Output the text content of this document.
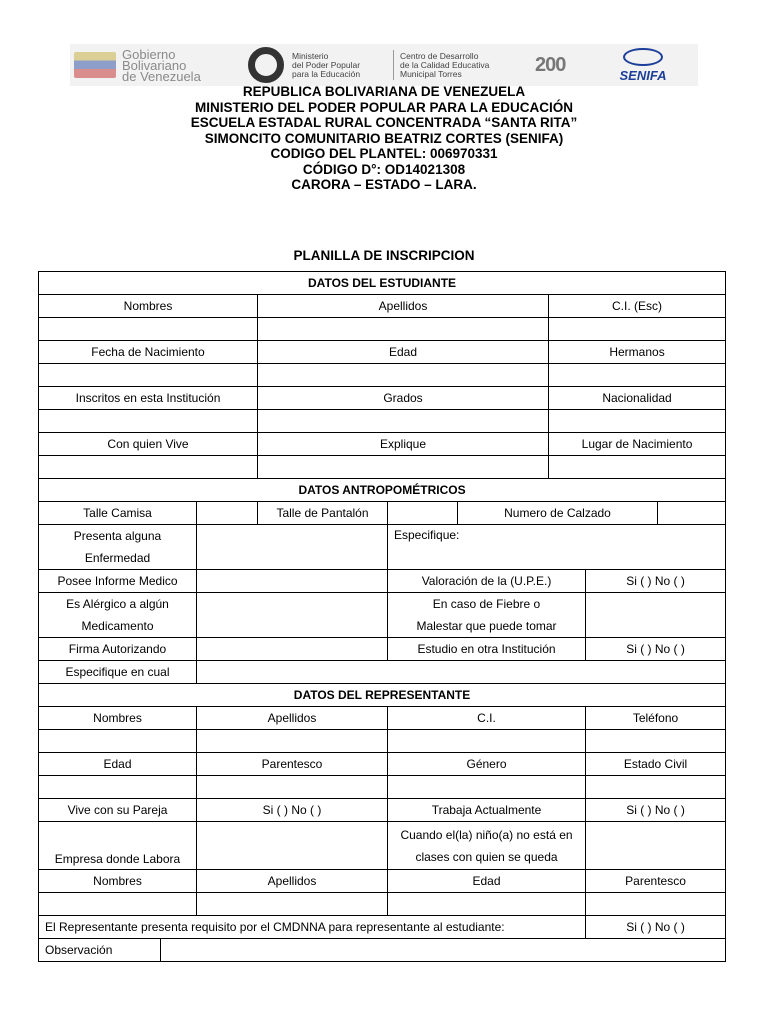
Gobierno
Bolivariano
de Venezuela
Ministerio
del Poder Popular
para la Educación
Centro de Desarrollo
de la Calidad Educativa
Municipal Torres	200	SENIFA
REPUBLICA BOLIVARIANA DE VENEZUELA
MINISTERIO DEL PODER POPULAR PARA LA EDUCACIÓN
ESCUELA ESTADAL RURAL CONCENTRADA “SANTA RITA”
SIMONCITO COMUNITARIO BEATRIZ CORTES (SENIFA)
CODIGO DEL PLANTEL: 006970331
CÓDIGO D°: OD14021308
CARORA – ESTADO – LARA.
PLANILLA DE INSCRIPCION
DATOS DEL ESTUDIANTE								
Nombres			Apellidos			C.I. (Esc)		

Fecha de Nacimiento			Edad			Hermanos		

Inscritos en esta Institución			Grados			Nacionalidad		

Con quien Vive			Explique			Lugar de Nacimiento		

DATOS ANTROPOMÉTRICOS								
Talle Camisa			Talle de Pantalón		Numero de Calzado			
Presenta alguna
Enfermedad				Especifique:				
Posee Informe Medico				Valoración de la (U.P.E.)			Si ( ) No ( )	
Es Alérgico a algún
Medicamento				En caso de Fiebre o
Malestar que puede tomar				
Firma Autorizando				Estudio en otra Institución			Si ( ) No ( )	
Especifique en cual								
DATOS DEL REPRESENTANTE								
Nombres		Apellidos		C.I.			Teléfono	

Edad		Parentesco		Género			Estado Civil	

Vive con su Pareja		Si ( ) No ( )		Trabaja Actualmente			Si ( ) No ( )	
Empresa donde Labora				Cuando el(la) niño(a) no está en
clases con quien se queda				
Nombres		Apellidos		Edad			Parentesco	

El Representante presenta requisito por el CMDNNA para representante al estudiante:							Si ( ) No ( )	
Observación								
